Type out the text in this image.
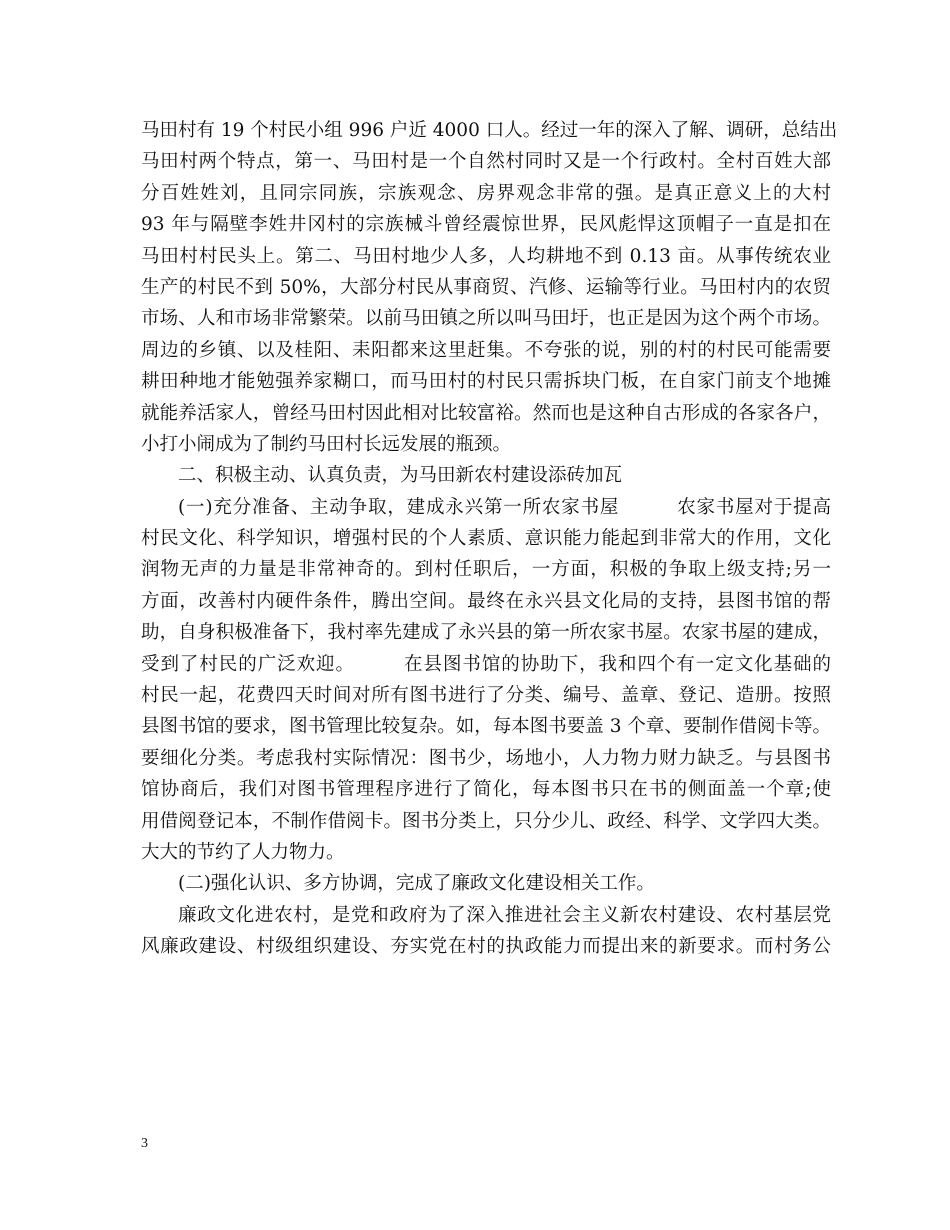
马田村有 19 个村民小组 996 户近 4000 口人。经过一年的深入了解、调研，总结出
马田村两个特点，第一、马田村是一个自然村同时又是一个行政村。全村百姓大部
分百姓姓刘，且同宗同族，宗族观念、房界观念非常的强。是真正意义上的大村
93 年与隔壁李姓井冈村的宗族械斗曾经震惊世界，民风彪悍这顶帽子一直是扣在
马田村村民头上。第二、马田村地少人多，人均耕地不到 0.13 亩。从事传统农业
生产的村民不到 50%，大部分村民从事商贸、汽修、运输等行业。马田村内的农贸
市场、人和市场非常繁荣。以前马田镇之所以叫马田圩，也正是因为这个两个市场。
周边的乡镇、以及桂阳、耒阳都来这里赶集。不夸张的说，别的村的村民可能需要
耕田种地才能勉强养家糊口，而马田村的村民只需拆块门板，在自家门前支个地摊
就能养活家人，曾经马田村因此相对比较富裕。然而也是这种自古形成的各家各户，
小打小闹成为了制约马田村长远发展的瓶颈。
二、积极主动、认真负责，为马田新农村建设添砖加瓦
(一)充分准备、主动争取，建成永兴第一所农家书屋　　　农家书屋对于提高
村民文化、科学知识，增强村民的个人素质、意识能力能起到非常大的作用，文化
润物无声的力量是非常神奇的。到村任职后，一方面，积极的争取上级支持;另一
方面，改善村内硬件条件，腾出空间。最终在永兴县文化局的支持，县图书馆的帮
助，自身积极准备下，我村率先建成了永兴县的第一所农家书屋。农家书屋的建成，
受到了村民的广泛欢迎。　　　在县图书馆的协助下，我和四个有一定文化基础的
村民一起，花费四天时间对所有图书进行了分类、编号、盖章、登记、造册。按照
县图书馆的要求，图书管理比较复杂。如，每本图书要盖 3 个章、要制作借阅卡等。
要细化分类。考虑我村实际情况：图书少，场地小，人力物力财力缺乏。与县图书
馆协商后，我们对图书管理程序进行了简化，每本图书只在书的侧面盖一个章;使
用借阅登记本，不制作借阅卡。图书分类上，只分少儿、政经、科学、文学四大类。
大大的节约了人力物力。
(二)强化认识、多方协调，完成了廉政文化建设相关工作。
廉政文化进农村，是党和政府为了深入推进社会主义新农村建设、农村基层党
风廉政建设、村级组织建设、夯实党在村的执政能力而提出来的新要求。而村务公
3
